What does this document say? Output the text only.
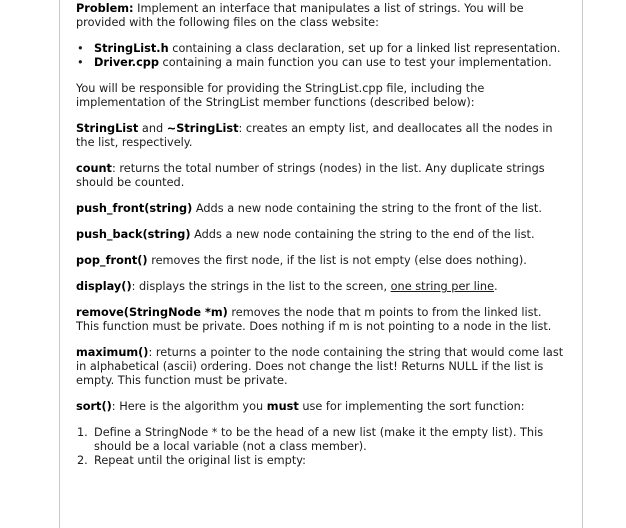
Problem: Implement an interface that manipulates a list of strings. You will be provided with the following files on the class website:

• StringList.h containing a class declaration, set up for a linked list representation.
• Driver.cpp containing a main function you can use to test your implementation.

You will be responsible for providing the StringList.cpp file, including the implementation of the StringList member functions (described below):

StringList and ~StringList: creates an empty list, and deallocates all the nodes in the list, respectively.

count: returns the total number of strings (nodes) in the list. Any duplicate strings should be counted.

push_front(string) Adds a new node containing the string to the front of the list.

push_back(string) Adds a new node containing the string to the end of the list.

pop_front() removes the first node, if the list is not empty (else does nothing).

display(): displays the strings in the list to the screen, one string per line.

remove(StringNode *m) removes the node that m points to from the linked list. This function must be private. Does nothing if m is not pointing to a node in the list.

maximum(): returns a pointer to the node containing the string that would come last in alphabetical (ascii) ordering. Does not change the list! Returns NULL if the list is empty. This function must be private.

sort(): Here is the algorithm you must use for implementing the sort function:

1. Define a StringNode * to be the head of a new list (make it the empty list). This should be a local variable (not a class member).
2. Repeat until the original list is empty:
